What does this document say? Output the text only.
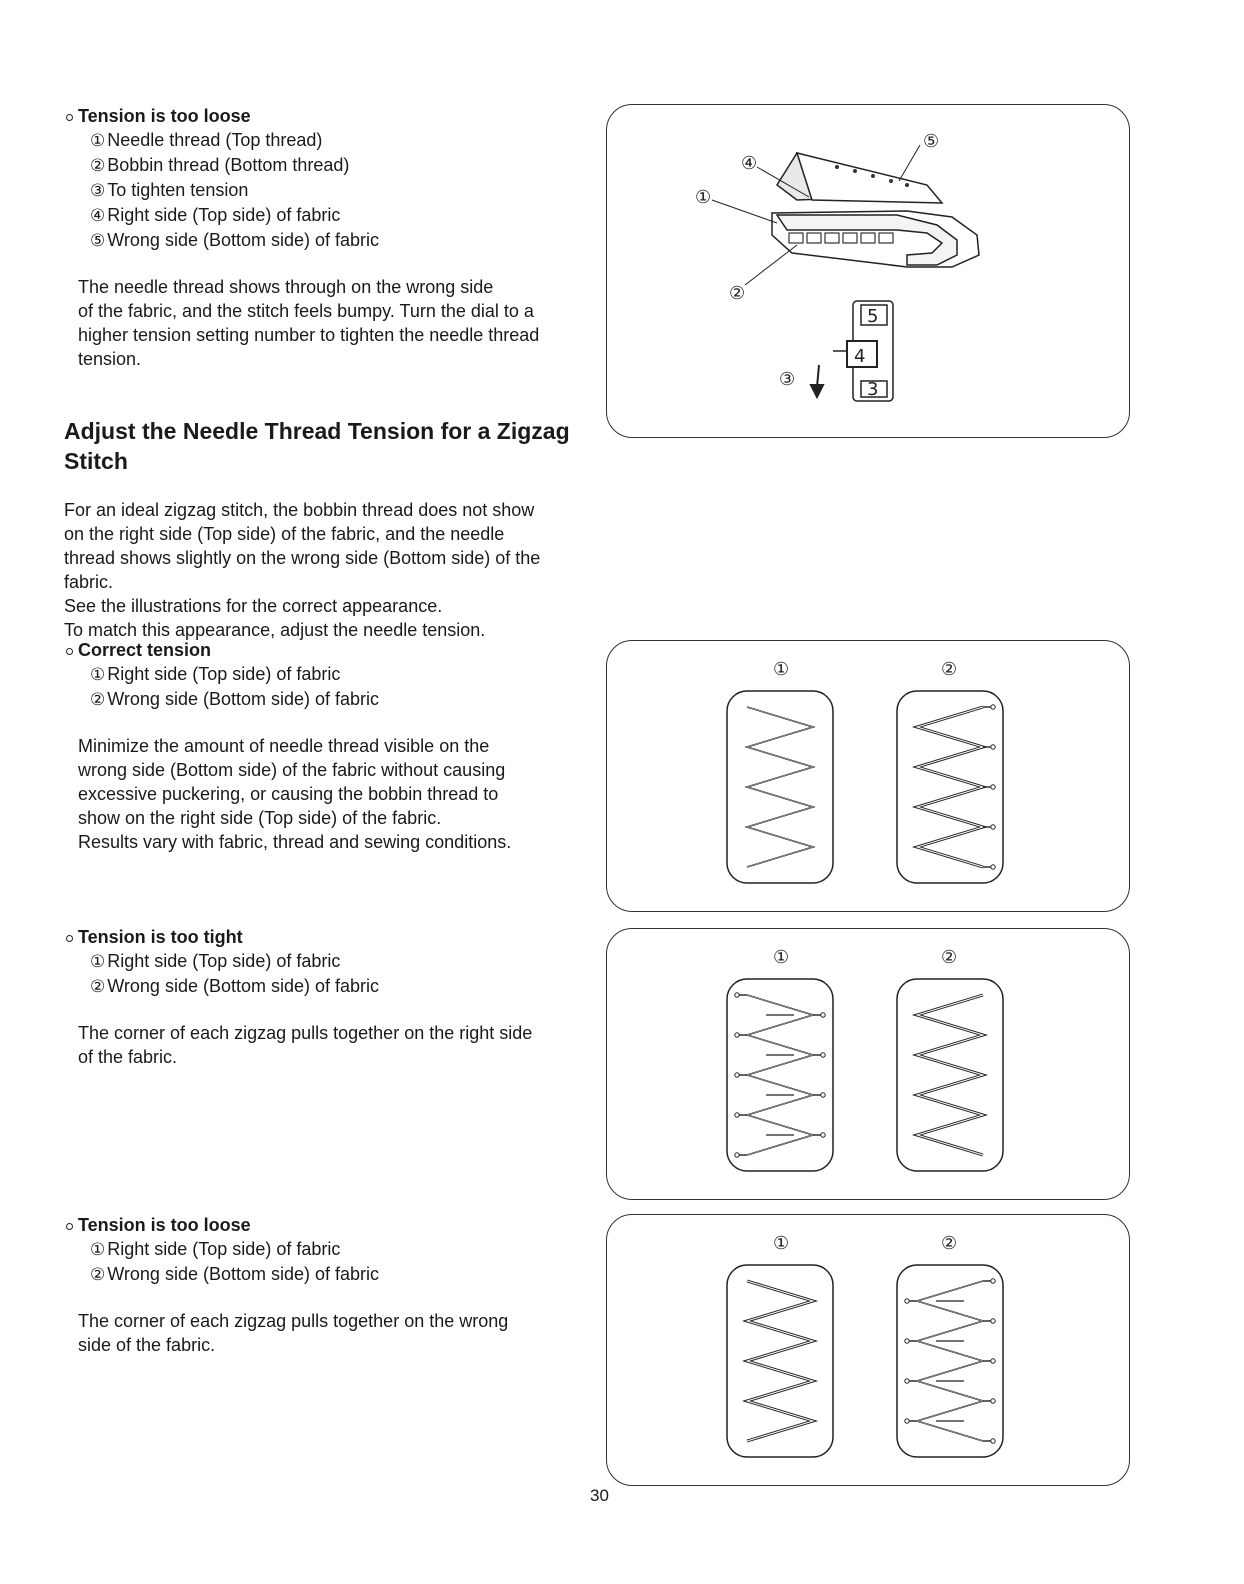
Tension is too loose
① Needle thread (Top thread)
② Bobbin thread (Bottom thread)
③ To tighten tension
④ Right side (Top side) of fabric
⑤ Wrong side (Bottom side) of fabric
The needle thread shows through on the wrong side
of the fabric, and the stitch feels bumpy. Turn the dial to a
higher tension setting number to tighten the needle thread
tension.
④
⑤
①
②
③
5
4
3
Adjust the Needle Thread Tension for a Zigzag
Stitch
For an ideal zigzag stitch, the bobbin thread does not show
on the right side (Top side) of the fabric, and the needle
thread shows slightly on the wrong side (Bottom side) of the
fabric.
See the illustrations for the correct appearance.
To match this appearance, adjust the needle tension.
Correct tension
① Right side (Top side) of fabric
② Wrong side (Bottom side) of fabric
Minimize the amount of needle thread visible on the
wrong side (Bottom side) of the fabric without causing
excessive puckering, or causing the bobbin thread to
show on the right side (Top side) of the fabric.
Results vary with fabric, thread and sewing conditions.
Tension is too tight
① Right side (Top side) of fabric
② Wrong side (Bottom side) of fabric
The corner of each zigzag pulls together on the right side
of the fabric.
Tension is too loose
① Right side (Top side) of fabric
② Wrong side (Bottom side) of fabric
The corner of each zigzag pulls together on the wrong
side of the fabric.
①	②
①	②
①	②
30
